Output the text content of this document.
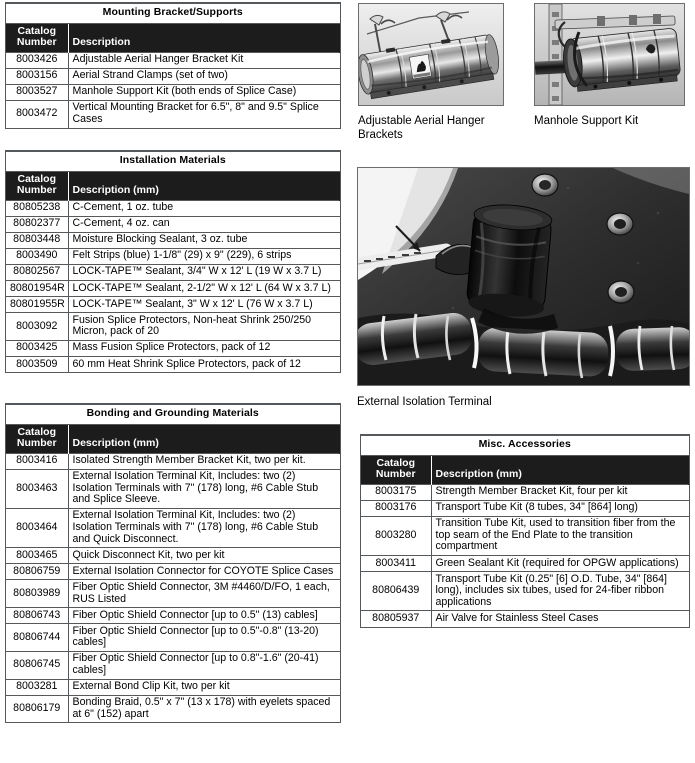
Mounting Bracket/Supports	

Catalog
Number	Description
8003426	Adjustable Aerial Hanger Bracket Kit
8003156	Aerial Strand Clamps (set of two)
8003527	Manhole Support Kit (both ends of Splice Case)
8003472	Vertical Mounting Bracket for 6.5", 8" and 9.5" Splice Cases
Installation Materials	

Catalog
Number	Description (mm)
80805238	C-Cement, 1 oz. tube
80802377	C-Cement, 4 oz. can
80803448	Moisture Blocking Sealant, 3 oz. tube
8003490	Felt Strips (blue) 1-1/8" (29) x 9" (229), 6 strips
80802567	LOCK-TAPE™ Sealant, 3/4" W x 12' L (19 W x 3.7 L)
80801954R	LOCK-TAPE™ Sealant, 2-1/2" W x 12' L (64 W x 3.7 L)
80801955R	LOCK-TAPE™ Sealant, 3" W x 12' L (76 W x 3.7 L)
8003092	Fusion Splice Protectors, Non-heat Shrink 250/250 Micron, pack of 20
8003425	Mass Fusion Splice Protectors, pack of 12
8003509	60 mm Heat Shrink Splice Protectors, pack of 12
Bonding and Grounding Materials	

Catalog
Number	Description (mm)
8003416	Isolated Strength Member Bracket Kit, two per kit.
8003463	External Isolation Terminal Kit, Includes: two (2) Isolation Terminals with 7" (178) long, #6 Cable Stub and Splice Sleeve.
8003464	External Isolation Terminal Kit, Includes: two (2) Isolation Terminals with 7" (178) long, #6 Cable Stub and Quick Disconnect.
8003465	Quick Disconnect Kit, two per kit
80806759	External Isolation Connector for COYOTE Splice Cases
80803989	Fiber Optic Shield Connector, 3M #4460/D/FO, 1 each, RUS Listed
80806743	Fiber Optic Shield Connector [up to 0.5" (13) cables]
80806744	Fiber Optic Shield Connector [up to 0.5"-0.8" (13-20) cables]
80806745	Fiber Optic Shield Connector [up to 0.8"-1.6" (20-41) cables]
8003281	External Bond Clip Kit, two per kit
80806179	Bonding Braid, 0.5" x 7" (13 x 178) with eyelets spaced at 6" (152) apart
Misc. Accessories	

Catalog
Number	Description (mm)
8003175	Strength Member Bracket Kit, four per kit
8003176	Transport Tube Kit (8 tubes, 34" [864] long)
8003280	Transition Tube Kit, used to transition fiber from the top seam of the End Plate to the transition compartment
8003411	Green Sealant Kit (required for OPGW applications)
80806439	Transport Tube Kit (0.25" [6] O.D. Tube, 34" [864] long), includes six tubes, used for 24-fiber ribbon applications
80805937	Air Valve for Stainless Steel Cases
Adjustable Aerial Hanger Brackets
Manhole Support Kit
External Isolation Terminal
